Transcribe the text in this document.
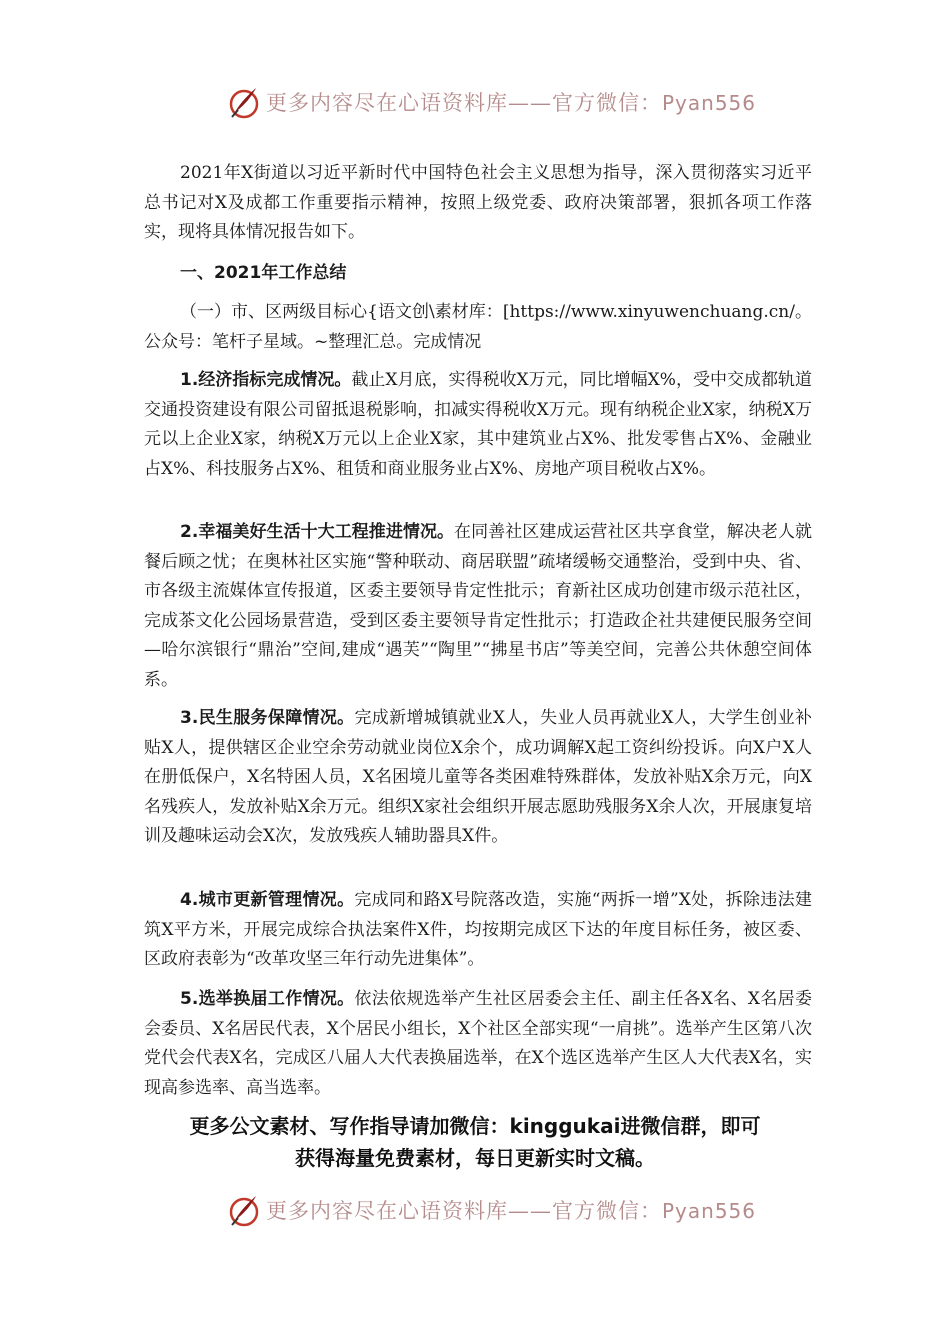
更多内容尽在心语资料库——官方微信：Pyan556

2021年X街道以习近平新时代中国特色社会主义思想为指导，深入贯彻落实习近平总书记对X及成都工作重要指示精神，按照上级党委、政府决策部署，狠抓各项工作落实，现将具体情况报告如下。

一、2021年工作总结

（一）市、区两级目标心{语文创\素材库：[https://www.xinyuwenchuang.cn/。公众号：笔杆子星域。~整理汇总。完成情况

1.经济指标完成情况。截止X月底，实得税收X万元，同比增幅X%，受中交成都轨道交通投资建设有限公司留抵退税影响，扣减实得税收X万元。现有纳税企业X家，纳税X万元以上企业X家，纳税X万元以上企业X家，其中建筑业占X%、批发零售占X%、金融业占X%、科技服务占X%、租赁和商业服务业占X%、房地产项目税收占X%。

2.幸福美好生活十大工程推进情况。在同善社区建成运营社区共享食堂，解决老人就餐后顾之忧；在奥林社区实施“警种联动、商居联盟”疏堵缓畅交通整治，受到中央、省、市各级主流媒体宣传报道，区委主要领导肯定性批示；育新社区成功创建市级示范社区，完成茶文化公园场景营造，受到区委主要领导肯定性批示；打造政企社共建便民服务空间—哈尔滨银行“鼎治”空间,建成“遇芙”“陶里”“拂星书店”等美空间，完善公共休憩空间体系。

3.民生服务保障情况。完成新增城镇就业X人，失业人员再就业X人，大学生创业补贴X人，提供辖区企业空余劳动就业岗位X余个，成功调解X起工资纠纷投诉。向X户X人在册低保户，X名特困人员，X名困境儿童等各类困难特殊群体，发放补贴X余万元，向X名残疾人，发放补贴X余万元。组织X家社会组织开展志愿助残服务X余人次，开展康复培训及趣味运动会X次，发放残疾人辅助器具X件。

4.城市更新管理情况。完成同和路X号院落改造，实施“两拆一增”X处，拆除违法建筑X平方米，开展完成综合执法案件X件，均按期完成区下达的年度目标任务，被区委、区政府表彰为“改革攻坚三年行动先进集体”。

5.选举换届工作情况。依法依规选举产生社区居委会主任、副主任各X名、X名居委会委员、X名居民代表，X个居民小组长，X个社区全部实现“一肩挑”。选举产生区第八次党代会代表X名，完成区八届人大代表换届选举，在X个选区选举产生区人大代表X名，实现高参选率、高当选率。

更多公文素材、写作指导请加微信：kinggukai进微信群，即可
获得海量免费素材，每日更新实时文稿。
更多内容尽在心语资料库——官方微信：Pyan556
